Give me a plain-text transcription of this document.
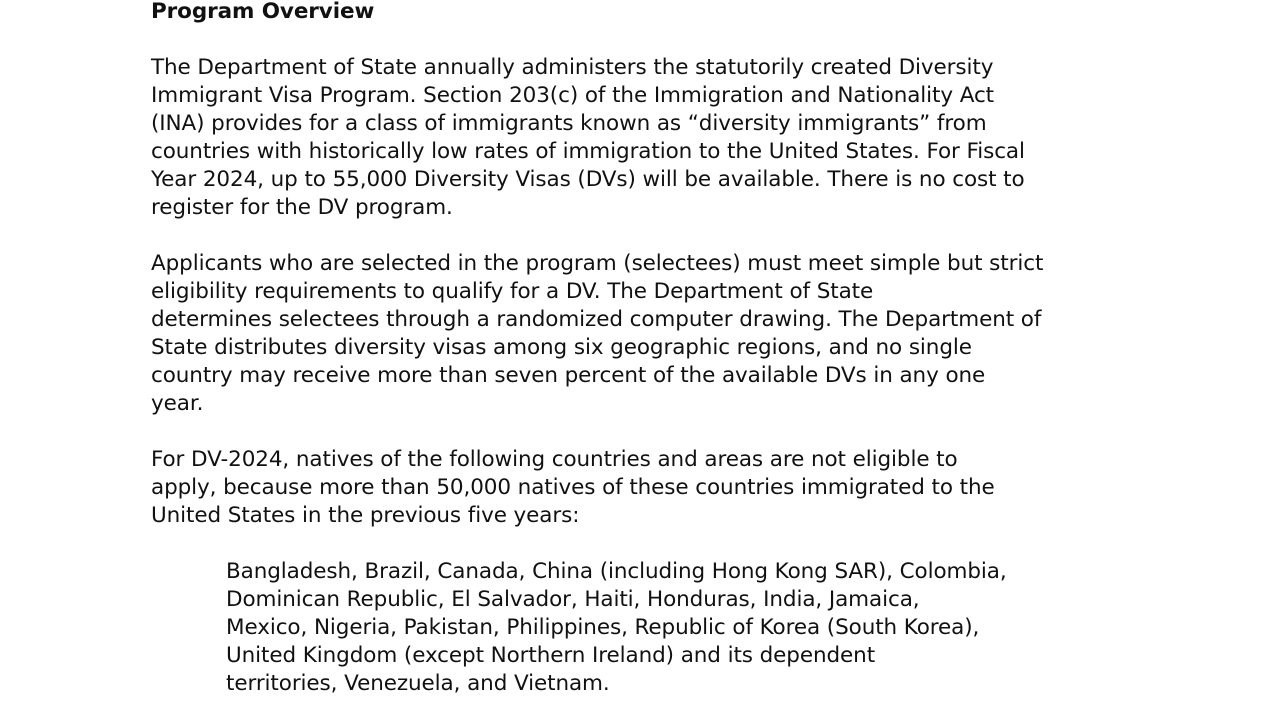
Program Overview

The Department of State annually administers the statutorily created Diversity
Immigrant Visa Program. Section 203(c) of the Immigration and Nationality Act
(INA) provides for a class of immigrants known as “diversity immigrants” from
countries with historically low rates of immigration to the United States. For Fiscal
Year 2024, up to 55,000 Diversity Visas (DVs) will be available. There is no cost to
register for the DV program.

Applicants who are selected in the program (selectees) must meet simple but strict
eligibility requirements to qualify for a DV. The Department of State
determines selectees through a randomized computer drawing. The Department of
State distributes diversity visas among six geographic regions, and no single
country may receive more than seven percent of the available DVs in any one
year.

For DV-2024, natives of the following countries and areas are not eligible to
apply, because more than 50,000 natives of these countries immigrated to the
United States in the previous five years:

Bangladesh, Brazil, Canada, China (including Hong Kong SAR), Colombia,
Dominican Republic, El Salvador, Haiti, Honduras, India, Jamaica,
Mexico, Nigeria, Pakistan, Philippines, Republic of Korea (South Korea),
United Kingdom (except Northern Ireland) and its dependent
territories, Venezuela, and Vietnam.
